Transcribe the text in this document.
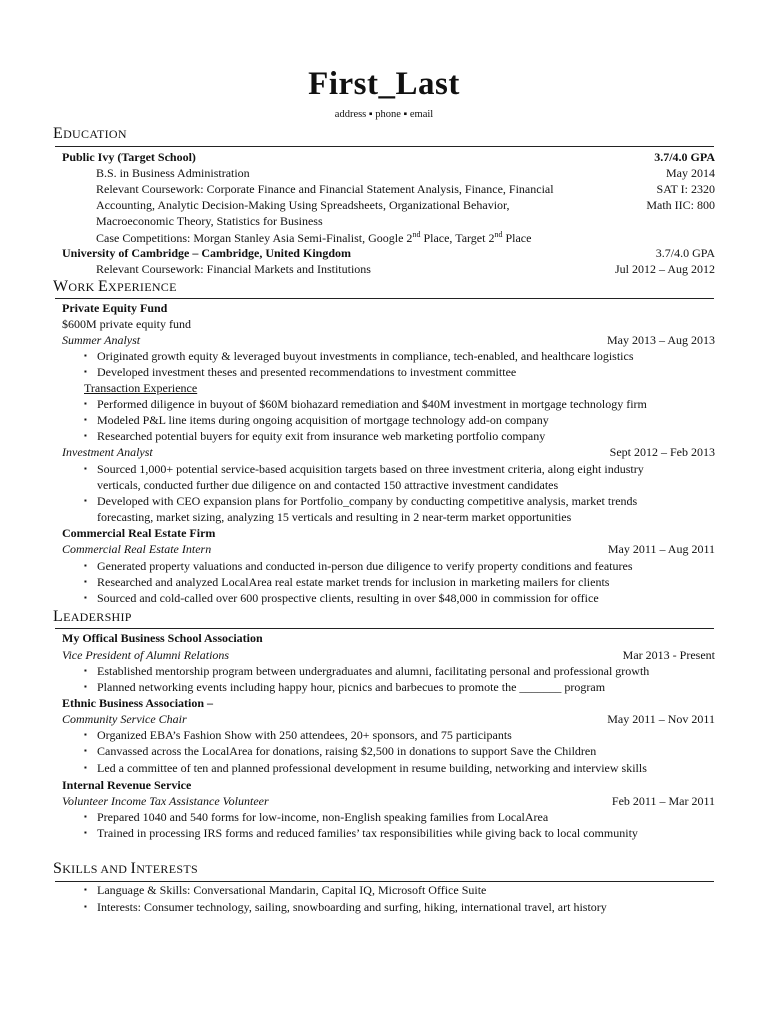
First_Last
address ▪ phone ▪ email
EDUCATION
Public Ivy (Target School)	3.7/4.0 GPA
B.S. in Business Administration	May 2014
Relevant Coursework: Corporate Finance and Financial Statement Analysis, Finance, Financial	SAT I: 2320
Accounting, Analytic Decision-Making Using Spreadsheets, Organizational Behavior,	Math IIC: 800
Macroeconomic Theory, Statistics for Business
Case Competitions: Morgan Stanley Asia Semi-Finalist, Google 2nd Place, Target 2nd Place
University of Cambridge – Cambridge, United Kingdom	3.7/4.0 GPA
Relevant Coursework: Financial Markets and Institutions	Jul 2012 – Aug 2012
WORK EXPERIENCE
Private Equity Fund
$600M private equity fund
Summer Analyst	May 2013 – Aug 2013
▪ Originated growth equity & leveraged buyout investments in compliance, tech-enabled, and healthcare logistics
▪ Developed investment theses and presented recommendations to investment committee
Transaction Experience
▪ Performed diligence in buyout of $60M biohazard remediation and $40M investment in mortgage technology firm
▪ Modeled P&L line items during ongoing acquisition of mortgage technology add-on company
▪ Researched potential buyers for equity exit from insurance web marketing portfolio company
Investment Analyst	Sept 2012 – Feb 2013
▪ Sourced 1,000+ potential service-based acquisition targets based on three investment criteria, along eight industry
verticals, conducted further due diligence on and contacted 150 attractive investment candidates
▪ Developed with CEO expansion plans for Portfolio_company by conducting competitive analysis, market trends
forecasting, market sizing, analyzing 15 verticals and resulting in 2 near-term market opportunities
Commercial Real Estate Firm
Commercial Real Estate Intern	May 2011 – Aug 2011
▪ Generated property valuations and conducted in-person due diligence to verify property conditions and features
▪ Researched and analyzed LocalArea real estate market trends for inclusion in marketing mailers for clients
▪ Sourced and cold-called over 600 prospective clients, resulting in over $48,000 in commission for office
LEADERSHIP
My Offical Business School Association
Vice President of Alumni Relations	Mar 2013 - Present
▪ Established mentorship program between undergraduates and alumni, facilitating personal and professional growth
▪ Planned networking events including happy hour, picnics and barbecues to promote the _______ program
Ethnic Business Association –
Community Service Chair	May 2011 – Nov 2011
▪ Organized EBA’s Fashion Show with 250 attendees, 20+ sponsors, and 75 participants
▪ Canvassed across the LocalArea for donations, raising $2,500 in donations to support Save the Children
▪ Led a committee of ten and planned professional development in resume building, networking and interview skills
Internal Revenue Service
Volunteer Income Tax Assistance Volunteer	Feb 2011 – Mar 2011
▪ Prepared 1040 and 540 forms for low-income, non-English speaking families from LocalArea
▪ Trained in processing IRS forms and reduced families’ tax responsibilities while giving back to local community
SKILLS AND INTERESTS
▪ Language & Skills: Conversational Mandarin, Capital IQ, Microsoft Office Suite
▪ Interests: Consumer technology, sailing, snowboarding and surfing, hiking, international travel, art history
